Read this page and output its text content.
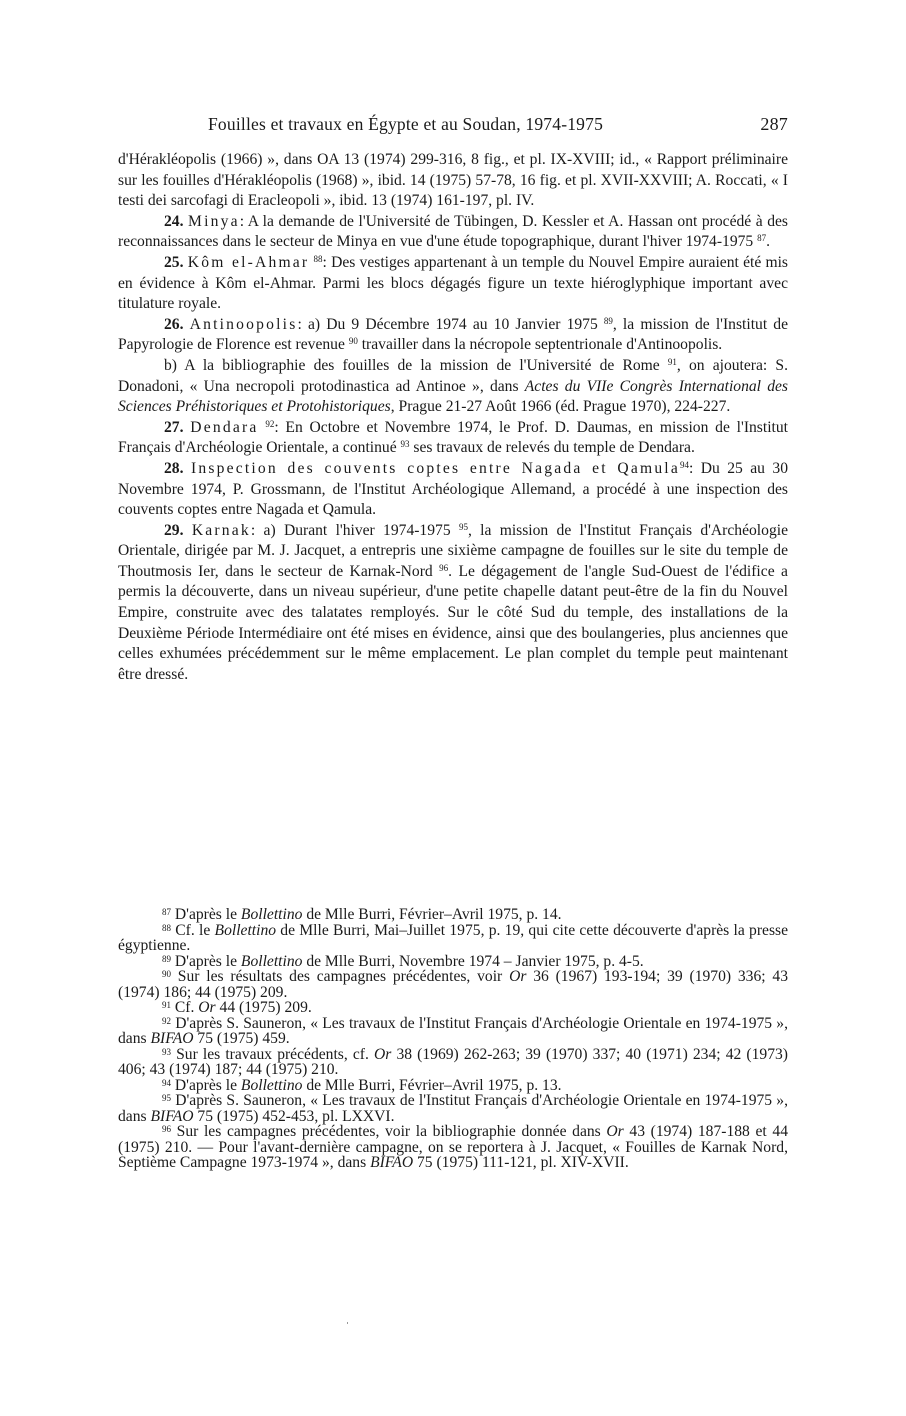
Fouilles et travaux en Égypte et au Soudan, 1974-1975	287

d'Hérakléopolis (1966) », dans OA 13 (1974) 299-316, 8 fig., et pl. IX-XVIII; id., « Rapport préliminaire sur les fouilles d'Hérakléopolis (1968) », ibid. 14 (1975) 57-78, 16 fig. et pl. XVII-XXVIII; A. Roccati, « I testi dei sarcofagi di Eracleopoli », ibid. 13 (1974) 161-197, pl. IV.

24. Minya: A la demande de l'Université de Tübingen, D. Kessler et A. Hassan ont procédé à des reconnaissances dans le secteur de Minya en vue d'une étude topographique, durant l'hiver 1974-1975 $^{87}$.

25. Kôm el-Ahmar $^{88}$: Des vestiges appartenant à un temple du Nouvel Empire auraient été mis en évidence à Kôm el-Ahmar. Parmi les blocs dégagés figure un texte hiéroglyphique important avec titulature royale.

26. Antinoopolis: a) Du 9 Décembre 1974 au 10 Janvier 1975 $^{89}$, la mission de l'Institut de Papyrologie de Florence est revenue $^{90}$ travailler dans la nécropole septentrionale d'Antinoopolis.

b) A la bibliographie des fouilles de la mission de l'Université de Rome $^{91}$, on ajoutera: S. Donadoni, « Una necropoli protodinastica ad Antinoe », dans Actes du VIIe Congrès International des Sciences Préhistoriques et Protohistoriques, Prague 21-27 Août 1966 (éd. Prague 1970), 224-227.

27. Dendara $^{92}$: En Octobre et Novembre 1974, le Prof. D. Daumas, en mission de l'Institut Français d'Archéologie Orientale, a continué $^{93}$ ses travaux de relevés du temple de Dendara.

28. Inspection des couvents coptes entre Nagada et Qamula$^{94}$: Du 25 au 30 Novembre 1974, P. Grossmann, de l'Institut Archéologique Allemand, a procédé à une inspection des couvents coptes entre Nagada et Qamula.

29. Karnak: a) Durant l'hiver 1974-1975 $^{95}$, la mission de l'Institut Français d'Archéologie Orientale, dirigée par M. J. Jacquet, a entrepris une sixième campagne de fouilles sur le site du temple de Thoutmosis Ier, dans le secteur de Karnak-Nord $^{96}$. Le dégagement de l'angle Sud-Ouest de l'édifice a permis la découverte, dans un niveau supérieur, d'une petite chapelle datant peut-être de la fin du Nouvel Empire, construite avec des talatates remployés. Sur le côté Sud du temple, des installations de la Deuxième Période Intermédiaire ont été mises en évidence, ainsi que des boulangeries, plus anciennes que celles exhumées précédemment sur le même emplacement. Le plan complet du temple peut maintenant être dressé.

$^{87}$ D'après le Bollettino de Mlle Burri, Février–Avril 1975, p. 14.

$^{88}$ Cf. le Bollettino de Mlle Burri, Mai–Juillet 1975, p. 19, qui cite cette découverte d'après la presse égyptienne.

$^{89}$ D'après le Bollettino de Mlle Burri, Novembre 1974 – Janvier 1975, p. 4-5.

$^{90}$ Sur les résultats des campagnes précédentes, voir Or 36 (1967) 193-194; 39 (1970) 336; 43 (1974) 186; 44 (1975) 209.

$^{91}$ Cf. Or 44 (1975) 209.

$^{92}$ D'après S. Sauneron, « Les travaux de l'Institut Français d'Archéologie Orientale en 1974-1975 », dans BIFAO 75 (1975) 459.

$^{93}$ Sur les travaux précédents, cf. Or 38 (1969) 262-263; 39 (1970) 337; 40 (1971) 234; 42 (1973) 406; 43 (1974) 187; 44 (1975) 210.

$^{94}$ D'après le Bollettino de Mlle Burri, Février–Avril 1975, p. 13.

$^{95}$ D'après S. Sauneron, « Les travaux de l'Institut Français d'Archéologie Orientale en 1974-1975 », dans BIFAO 75 (1975) 452-453, pl. LXXVI.

$^{96}$ Sur les campagnes précédentes, voir la bibliographie donnée dans Or 43 (1974) 187-188 et 44 (1975) 210. — Pour l'avant-dernière campagne, on se reportera à J. Jacquet, « Fouilles de Karnak Nord, Septième Campagne 1973-1974 », dans BIFAO 75 (1975) 111-121, pl. XIV-XVII.
